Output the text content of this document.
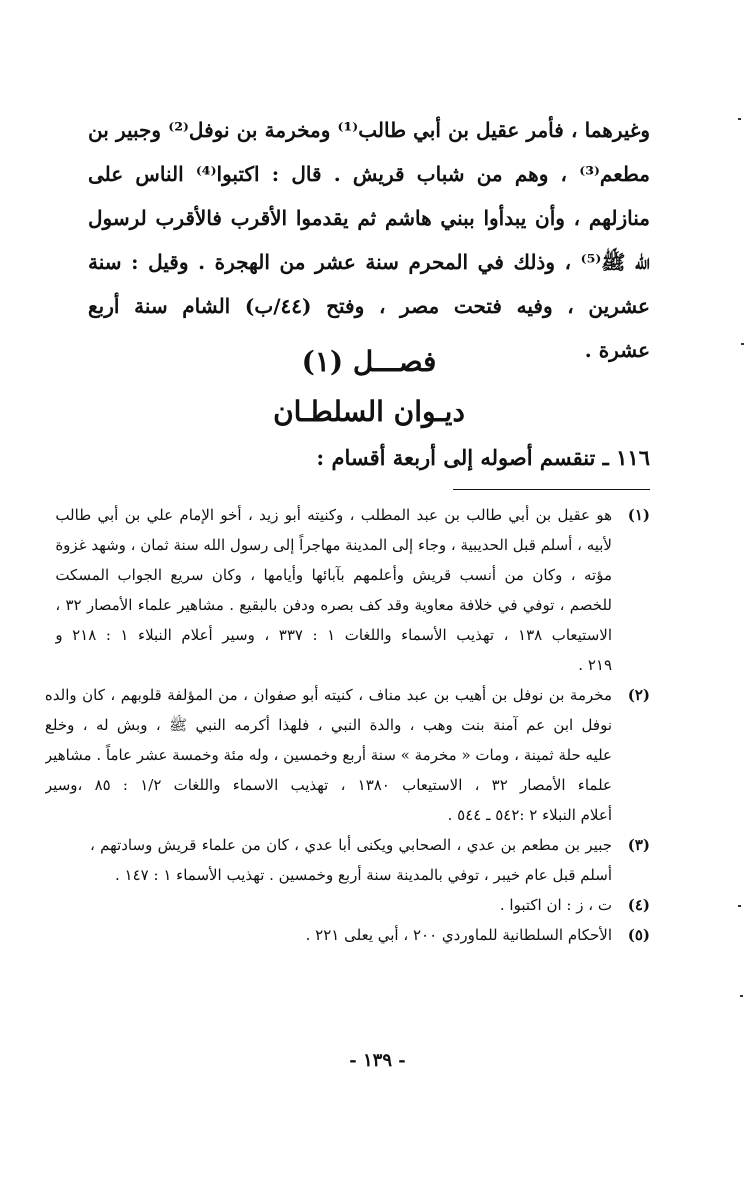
وغيرهما ، فأمر عقيل بن أبي طالب⁽¹⁾ ومخرمة بن نوفل⁽²⁾ وجبير بن
مطعم⁽³⁾ ، وهم من شباب قريش . قال : اكتبوا⁽⁴⁾ الناس على
منازلهم ، وأن يبدأوا ببني هاشم ثم يقدموا الأقرب فالأقرب لرسول
الله ﷺ⁽⁵⁾ ، وذلك في المحرم سنة عشر من الهجرة . وقيل : سنة
عشرين ، وفيه فتحت مصر ، وفتح (٤٤/ب) الشام سنة أربع
عشرة .
فصـــل (١)
ديـوان السلطـان
١١٦ ـ تنقسم أصوله إلى أربعة أقسام :
(١)
هو عقيل بن أبي طالب بن عبد المطلب ، وكنيته أبو زيد ، أخو الإمام علي بن أبي طالب
لأبيه ، أسلم قبل الحديبية ، وجاء إلى المدينة مهاجراً إلى رسول الله سنة ثمان ، وشهد غزوة
مؤته ، وكان من أنسب قريش وأعلمهم بآبائها وأيامها ، وكان سريع الجواب المسكت
للخصم ، توفي في خلافة معاوية وقد كف بصره ودفن بالبقيع . مشاهير علماء الأمصار ٣٢ ،
الاستيعاب ١٣٨ ، تهذيب الأسماء واللغات ١ : ٣٣٧ ، وسير أعلام النبلاء ١ : ٢١٨ و
٢١٩ .
(٢)
مخرمة بن نوفل بن أهيب بن عبد مناف ، كنيته أبو صفوان ، من المؤلفة قلوبهم ، كان والده
نوفل ابن عم آمنة بنت وهب ، والدة النبي ، فلهذا أكرمه النبي ﷺ ، وبش له ، وخلع
عليه حلة ثمينة ، ومات « مخرمة » سنة أربع وخمسين ، وله مئة وخمسة عشر عاماً . مشاهير
علماء الأمصار ٣٢ ، الاستيعاب ١٣٨٠ ، تهذيب الاسماء واللغات ١/٢ : ٨٥ ،وسير
أعلام النبلاء ٢ :٥٤٢ ـ ٥٤٤ .
(٣)
جبير بن مطعم بن عدي ، الصحابي ويكنى أبا عدي ، كان من علماء قريش وسادتهم ،
أسلم قبل عام خيبر ، توفي بالمدينة سنة أربع وخمسين . تهذيب الأسماء ١ : ١٤٧ .
(٤)
ت ، ز : ان اكتبوا .
(٥)
الأحكام السلطانية للماوردي ٢٠٠ ، أبي يعلى ٢٢١ .
- ١٣٩ -
